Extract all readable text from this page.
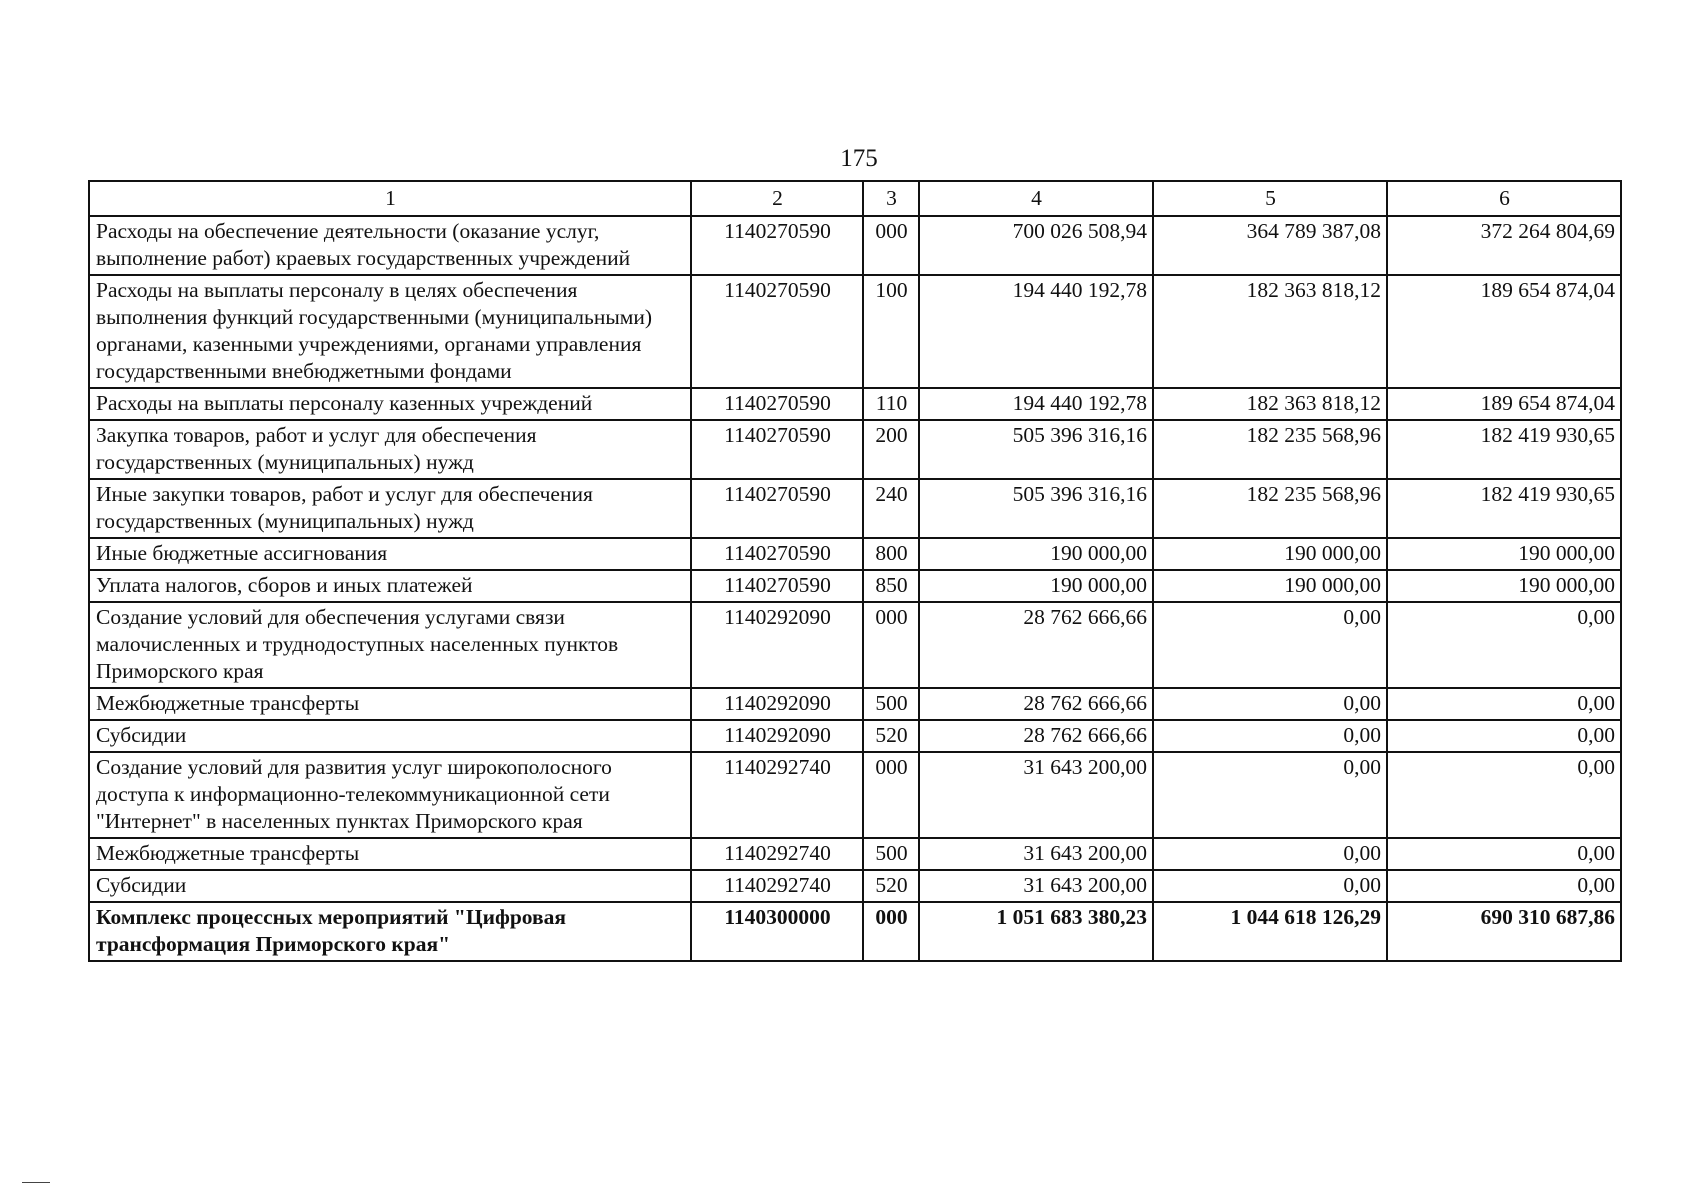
175
1	2	3	4	5	6
Расходы на обеспечение деятельности (оказание услуг, выполнение работ) краевых государственных учреждений	1140270590	000	700 026 508,94	364 789 387,08	372 264 804,69
Расходы на выплаты персоналу в целях обеспечения выполнения функций государственными (муниципальными) органами, казенными учреждениями, органами управления государственными внебюджетными фондами	1140270590	100	194 440 192,78	182 363 818,12	189 654 874,04
Расходы на выплаты персоналу казенных учреждений	1140270590	110	194 440 192,78	182 363 818,12	189 654 874,04
Закупка товаров, работ и услуг для обеспечения государственных (муниципальных) нужд	1140270590	200	505 396 316,16	182 235 568,96	182 419 930,65
Иные закупки товаров, работ и услуг для обеспечения государственных (муниципальных) нужд	1140270590	240	505 396 316,16	182 235 568,96	182 419 930,65
Иные бюджетные ассигнования	1140270590	800	190 000,00	190 000,00	190 000,00
Уплата налогов, сборов и иных платежей	1140270590	850	190 000,00	190 000,00	190 000,00
Создание условий для обеспечения услугами связи малочисленных и труднодоступных населенных пунктов Приморского края	1140292090	000	28 762 666,66	0,00	0,00
Межбюджетные трансферты	1140292090	500	28 762 666,66	0,00	0,00
Субсидии	1140292090	520	28 762 666,66	0,00	0,00
Создание условий для развития услуг широкополосного доступа к информационно-телекоммуникационной сети "Интернет" в населенных пунктах Приморского края	1140292740	000	31 643 200,00	0,00	0,00
Межбюджетные трансферты	1140292740	500	31 643 200,00	0,00	0,00
Субсидии	1140292740	520	31 643 200,00	0,00	0,00
Комплекс процессных мероприятий "Цифровая трансформация Приморского края"	1140300000	000	1 051 683 380,23	1 044 618 126,29	690 310 687,86
